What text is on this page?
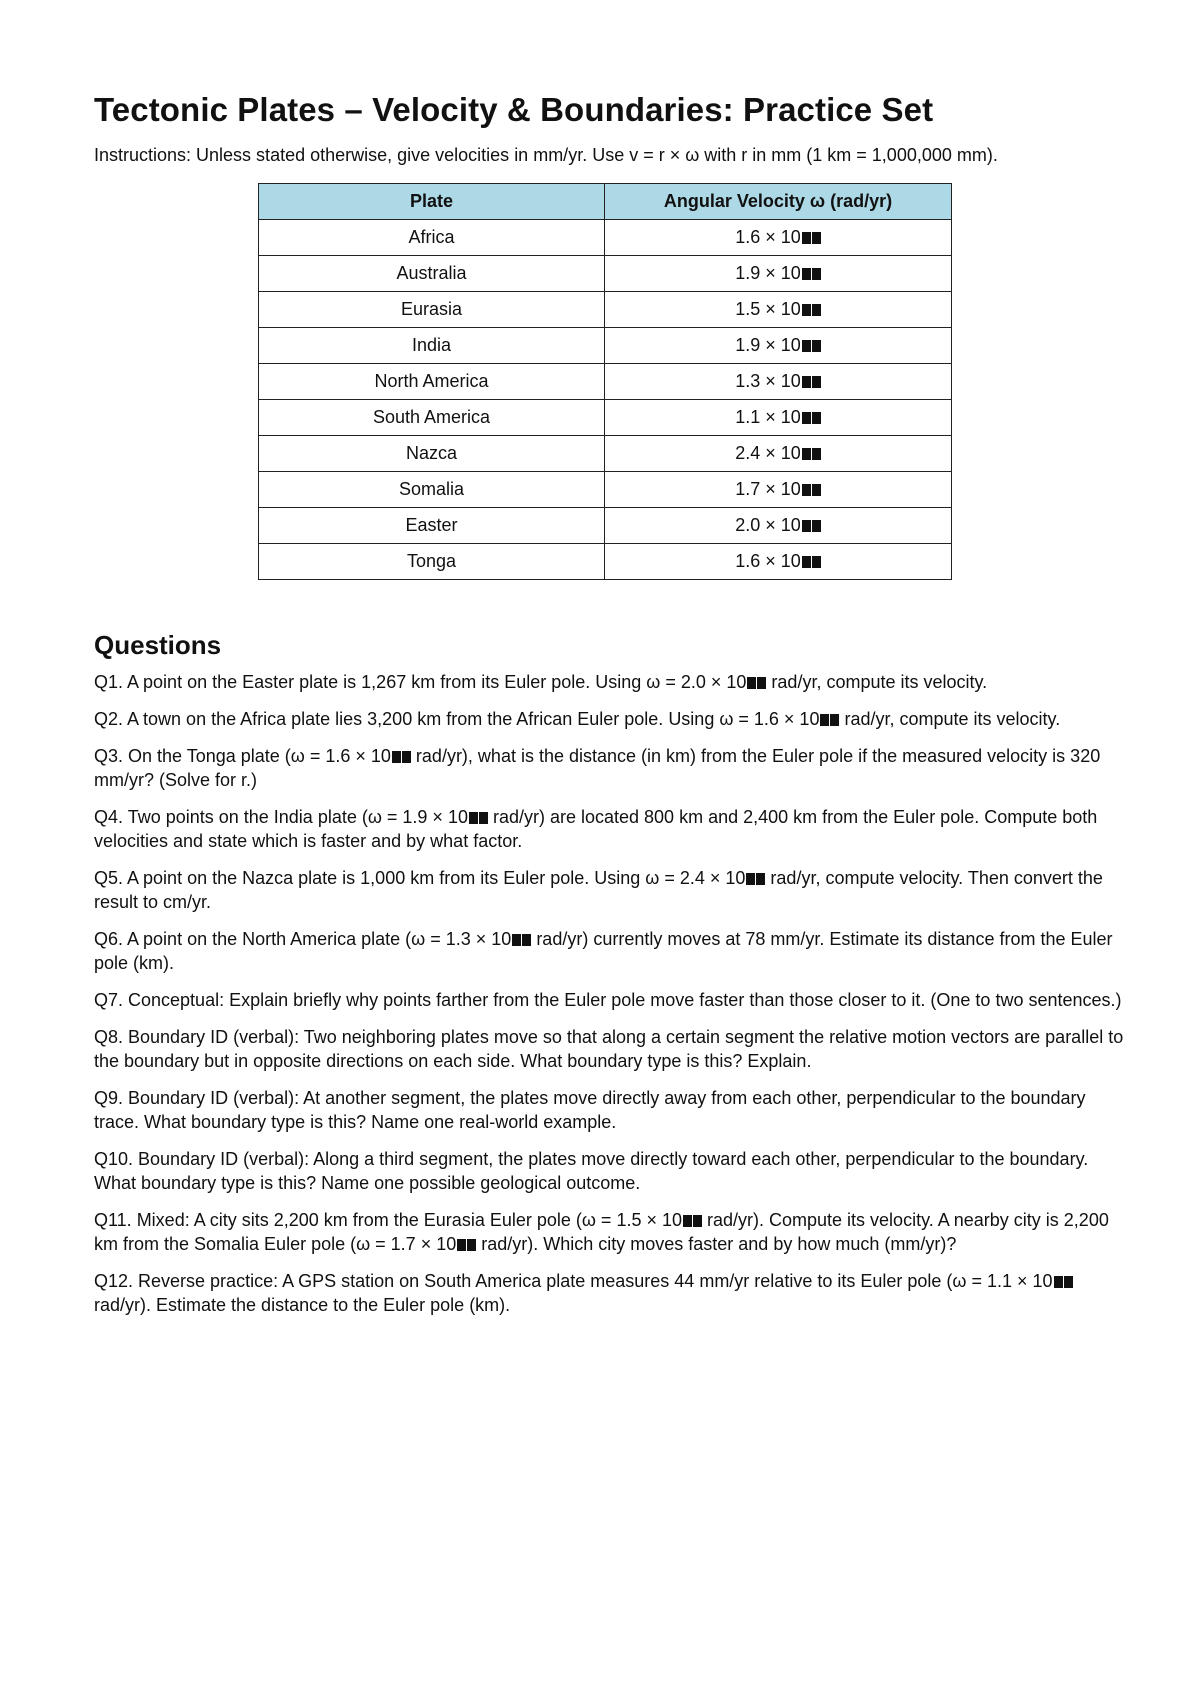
Tectonic Plates – Velocity & Boundaries: Practice Set

Instructions: Unless stated otherwise, give velocities in mm/yr. Use v = r × ω with r in mm (1 km = 1,000,000 mm).

Plate	Angular Velocity ω (rad/yr)
Africa	1.6 × 10
Australia	1.9 × 10
Eurasia	1.5 × 10
India	1.9 × 10
North America	1.3 × 10
South America	1.1 × 10
Nazca	2.4 × 10
Somalia	1.7 × 10
Easter	2.0 × 10
Tonga	1.6 × 10
Questions

Q1. A point on the Easter plate is 1,267 km from its Euler pole. Using ω = 2.0 × 10 rad/yr, compute its velocity.

Q2. A town on the Africa plate lies 3,200 km from the African Euler pole. Using ω = 1.6 × 10 rad/yr, compute its velocity.

Q3. On the Tonga plate (ω = 1.6 × 10 rad/yr), what is the distance (in km) from the Euler pole if the measured velocity is 320 mm/yr? (Solve for r.)

Q4. Two points on the India plate (ω = 1.9 × 10 rad/yr) are located 800 km and 2,400 km from the Euler pole. Compute both velocities and state which is faster and by what factor.

Q5. A point on the Nazca plate is 1,000 km from its Euler pole. Using ω = 2.4 × 10 rad/yr, compute velocity. Then convert the result to cm/yr.

Q6. A point on the North America plate (ω = 1.3 × 10 rad/yr) currently moves at 78 mm/yr. Estimate its distance from the Euler pole (km).

Q7. Conceptual: Explain briefly why points farther from the Euler pole move faster than those closer to it. (One to two sentences.)

Q8. Boundary ID (verbal): Two neighboring plates move so that along a certain segment the relative motion vectors are parallel to the boundary but in opposite directions on each side. What boundary type is this? Explain.

Q9. Boundary ID (verbal): At another segment, the plates move directly away from each other, perpendicular to the boundary trace. What boundary type is this? Name one real-world example.

Q10. Boundary ID (verbal): Along a third segment, the plates move directly toward each other, perpendicular to the boundary. What boundary type is this? Name one possible geological outcome.

Q11. Mixed: A city sits 2,200 km from the Eurasia Euler pole (ω = 1.5 × 10 rad/yr). Compute its velocity. A nearby city is 2,200 km from the Somalia Euler pole (ω = 1.7 × 10 rad/yr). Which city moves faster and by how much (mm/yr)?

Q12. Reverse practice: A GPS station on South America plate measures 44 mm/yr relative to its Euler pole (ω = 1.1 × 10 rad/yr). Estimate the distance to the Euler pole (km).
